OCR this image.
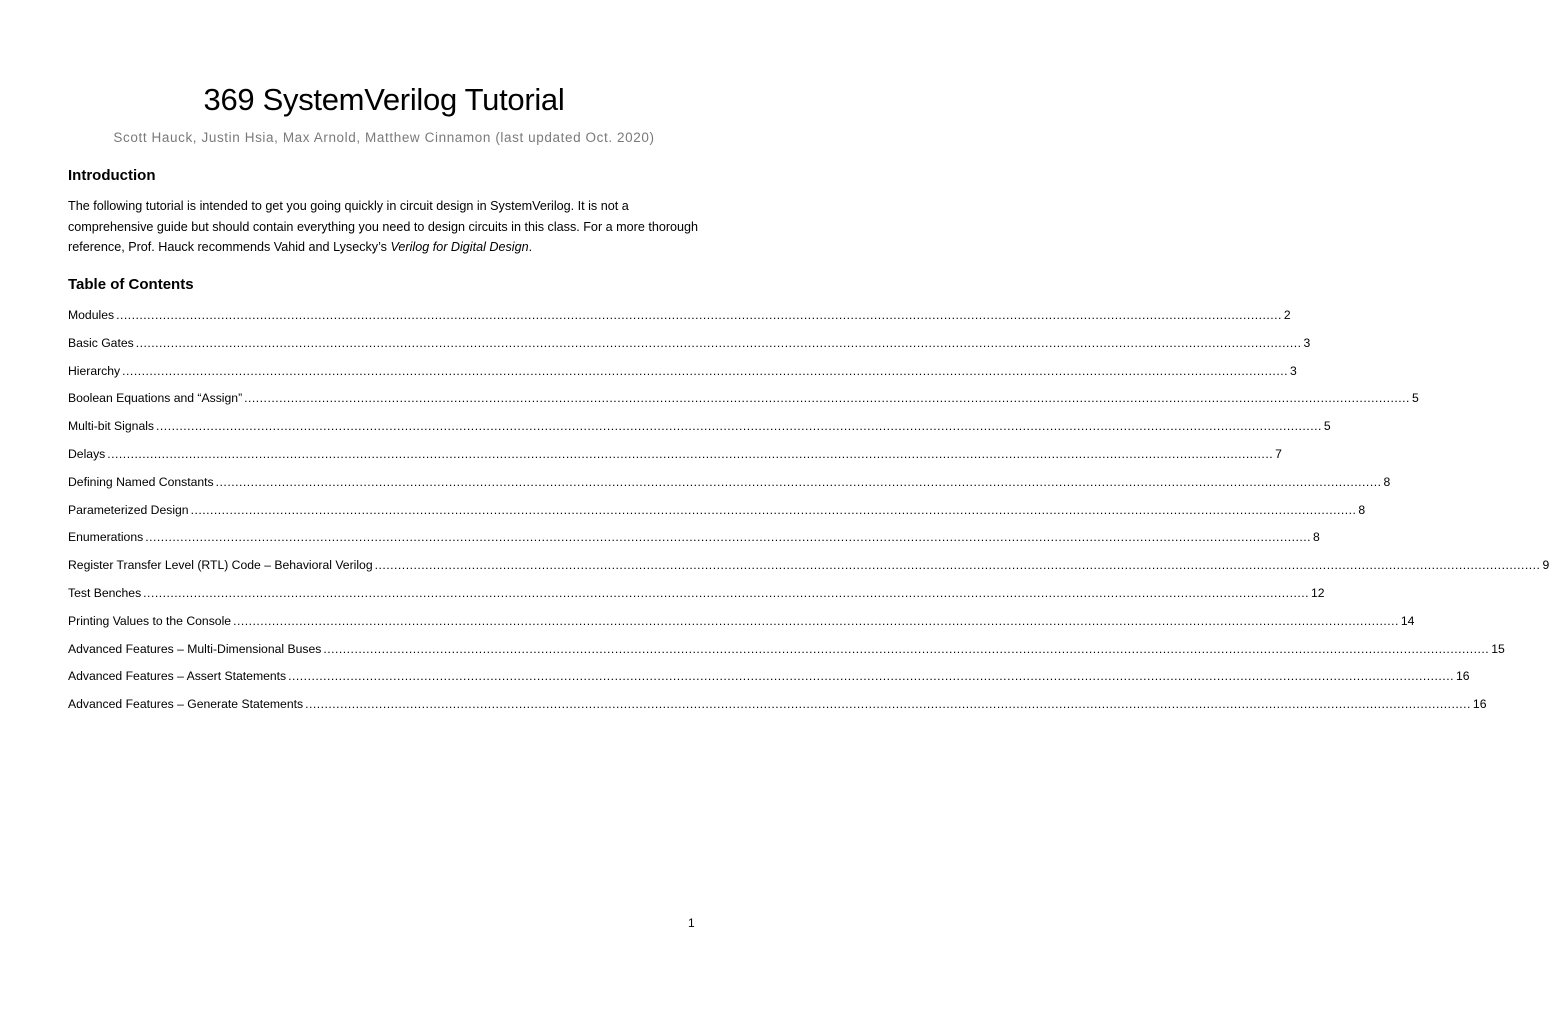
369 SystemVerilog Tutorial
Scott Hauck, Justin Hsia, Max Arnold, Matthew Cinnamon (last updated Oct. 2020)
Introduction

The following tutorial is intended to get you going quickly in circuit design in SystemVerilog. It is not a comprehensive guide but should contain everything you need to design circuits in this class. For a more thorough reference, Prof. Hauck recommends Vahid and Lysecky’s Verilog for Digital Design.

Table of Contents
Modules ............................................................................................................................................................................................................................................................................................................ 2
Basic Gates ............................................................................................................................................................................................................................................................................................................ 3
Hierarchy ............................................................................................................................................................................................................................................................................................................ 3
Boolean Equations and “Assign” ............................................................................................................................................................................................................................................................................................................ 5
Multi-bit Signals ............................................................................................................................................................................................................................................................................................................ 5
Delays ............................................................................................................................................................................................................................................................................................................ 7
Defining Named Constants ............................................................................................................................................................................................................................................................................................................ 8
Parameterized Design ............................................................................................................................................................................................................................................................................................................ 8
Enumerations ............................................................................................................................................................................................................................................................................................................ 8
Register Transfer Level (RTL) Code – Behavioral Verilog ............................................................................................................................................................................................................................................................................................................ 9
Test Benches ............................................................................................................................................................................................................................................................................................................ 12
Printing Values to the Console ............................................................................................................................................................................................................................................................................................................ 14
Advanced Features – Multi-Dimensional Buses ............................................................................................................................................................................................................................................................................................................ 15
Advanced Features – Assert Statements ............................................................................................................................................................................................................................................................................................................ 16
Advanced Features – Generate Statements ............................................................................................................................................................................................................................................................................................................ 16
1
